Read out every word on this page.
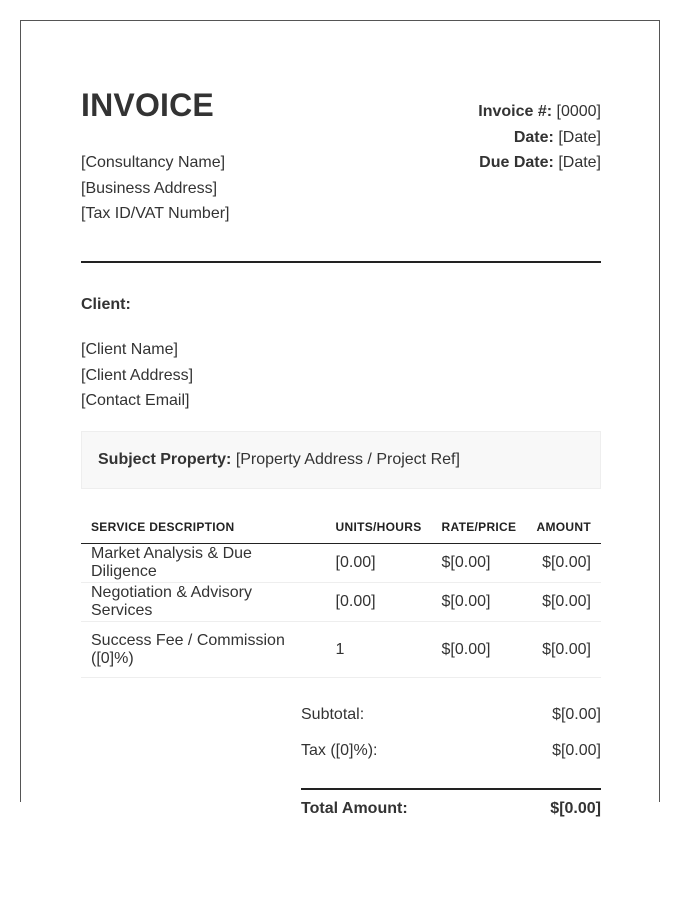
INVOICE	Invoice #: [0000]
Date: [Date]
Due Date: [Date]
[Consultancy Name]
[Business Address]
[Tax ID/VAT Number]
Client:
[Client Name]
[Client Address]
[Contact Email]
Subject Property: [Property Address / Project Ref]
SERVICE DESCRIPTION	UNITS/HOURS	RATE/PRICE	AMOUNT
Market Analysis & Due Diligence	[0.00]	$[0.00]	$[0.00]
Negotiation & Advisory Services	[0.00]	$[0.00]	$[0.00]
Success Fee / Commission ([0]%)	1	$[0.00]	$[0.00]
Subtotal:	$[0.00]
Tax ([0]%):	$[0.00]
Total Amount:	$[0.00]
